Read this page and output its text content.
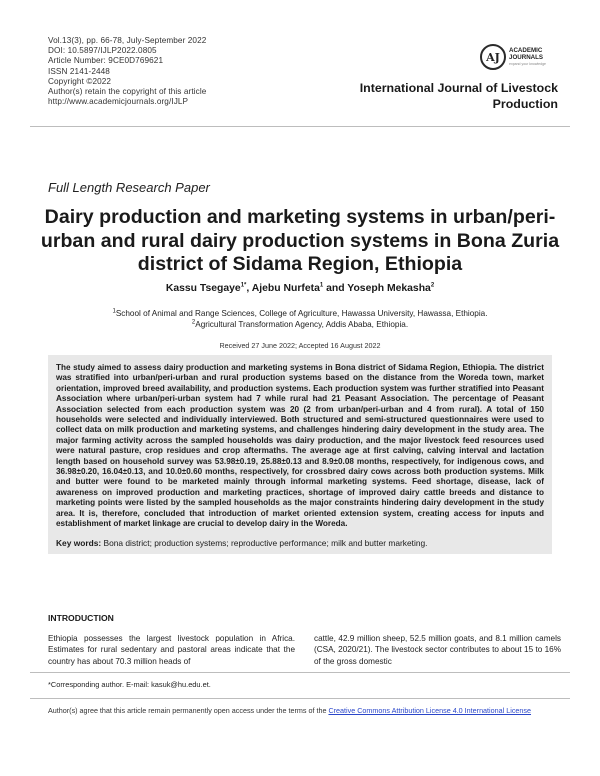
Vol.13(3), pp. 66-78, July-September 2022
DOI: 10.5897/IJLP2022.0805
Article Number: 9CE0D769621
ISSN 2141-2448
Copyright ©2022
Author(s) retain the copyright of this article
http://www.academicjournals.org/IJLP
AJ	ACADEMIC
JOURNALS
expand your knowledge
International Journal of Livestock
Production
Full Length Research Paper
Dairy production and marketing systems in urban/peri-urban and rural dairy production systems in Bona Zuria district of Sidama Region, Ethiopia
Kassu Tsegaye$^{1*}$, Ajebu Nurfeta$^1$ and Yoseph Mekasha$^2$
$^1$School of Animal and Range Sciences, College of Agriculture, Hawassa University, Hawassa, Ethiopia.
$^2$Agricultural Transformation Agency, Addis Ababa, Ethiopia.
Received 27 June 2022; Accepted 16 August 2022

The study aimed to assess dairy production and marketing systems in Bona district of Sidama Region, Ethiopia. The district was stratified into urban/peri-urban and rural production systems based on the distance from the Woreda town, market orientation, improved breed availability, and production systems. Each production system was further stratified into Peasant Association where urban/peri-urban system had 7 while rural had 21 Peasant Association. The percentage of Peasant Association selected from each production system was 20 (2 from urban/peri-urban and 4 from rural). A total of 150 households were selected and individually interviewed. Both structured and semi-structured questionnaires were used to collect data on milk production and marketing systems, and challenges hindering dairy development in the study area. The major farming activity across the sampled households was dairy production, and the major livestock feed resources used were natural pasture, crop residues and crop aftermaths. The average age at first calving, calving interval and lactation length based on household survey was 53.98±0.19, 25.88±0.13 and 8.9±0.08 months, respectively, for indigenous cows, and 36.98±0.20, 16.04±0.13, and 10.0±0.60 months, respectively, for crossbred dairy cows across both production systems. Milk and butter were found to be marketed mainly through informal marketing systems. Feed shortage, disease, lack of awareness on improved production and marketing practices, shortage of improved dairy cattle breeds and distance to marketing points were listed by the sampled households as the major constraints hindering dairy development in the study area. It is, therefore, concluded that introduction of market oriented extension system, creating access for inputs and establishment of market linkage are crucial to develop dairy in the Woreda.

Key words: Bona district; production systems; reproductive performance; milk and butter marketing.

INTRODUCTION
Ethiopia possesses the largest livestock population in Africa. Estimates for rural sedentary and pastoral areas indicate that the country has about 70.3 million heads of
cattle, 42.9 million sheep, 52.5 million goats, and 8.1 million camels (CSA, 2020/21). The livestock sector contributes to about 15 to 16% of the gross domestic
*Corresponding author. E-mail: kasuk@hu.edu.et.
Author(s) agree that this article remain permanently open access under the terms of the Creative Commons Attribution License 4.0 International License
